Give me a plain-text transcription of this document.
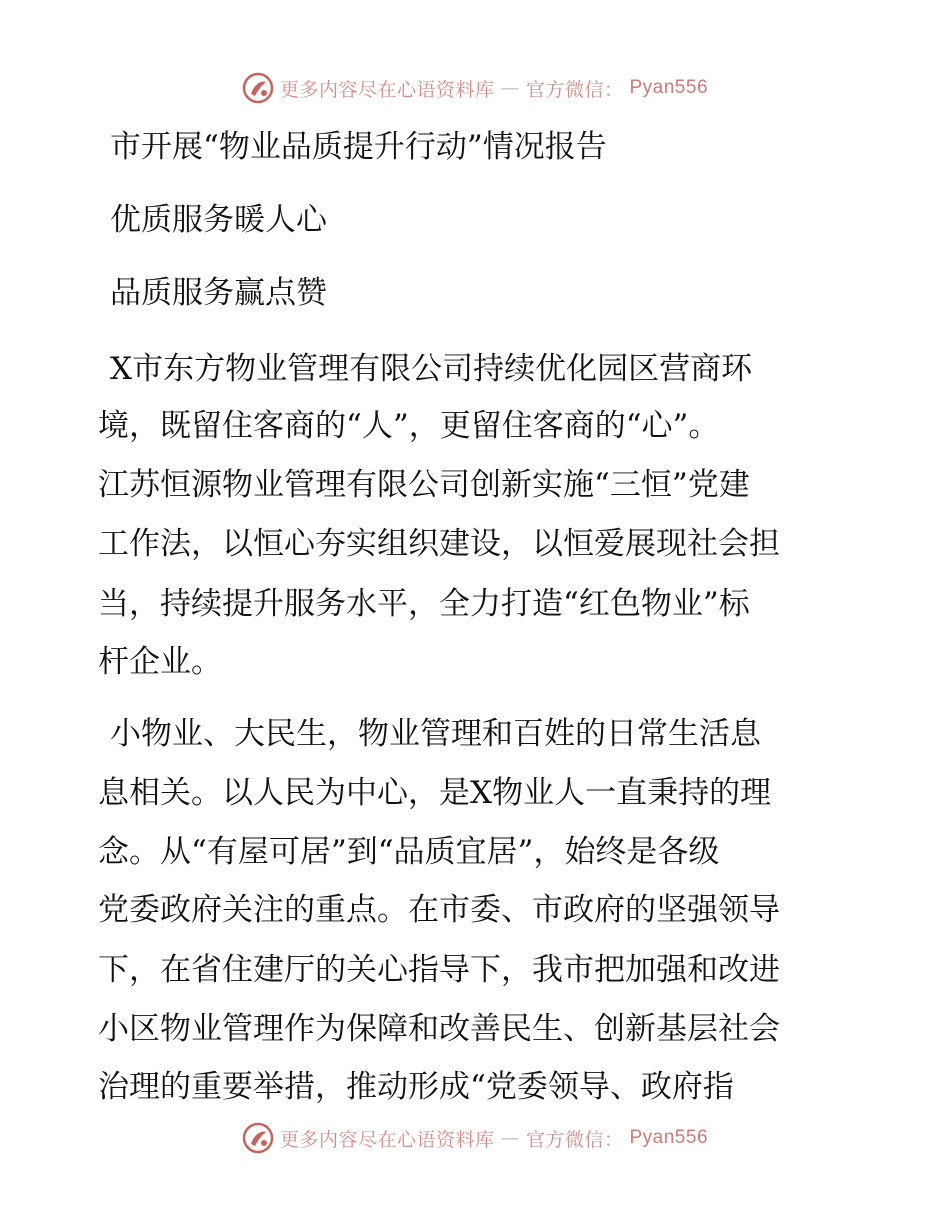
更多内容尽在心语资料库 — 官方微信： Pyan556
市开展“物业品质提升行动”情况报告
优质服务暖人心
品质服务赢点赞
X市东方物业管理有限公司持续优化园区营商环
境，既留住客商的“人”，更留住客商的“心”。
江苏恒源物业管理有限公司创新实施“三恒”党建
工作法，以恒心夯实组织建设，以恒爱展现社会担
当，持续提升服务水平，全力打造“红色物业”标
杆企业。
小物业、大民生，物业管理和百姓的日常生活息
息相关。以人民为中心，是X物业人一直秉持的理
念。从“有屋可居”到“品质宜居”，始终是各级
党委政府关注的重点。在市委、市政府的坚强领导
下，在省住建厅的关心指导下，我市把加强和改进
小区物业管理作为保障和改善民生、创新基层社会
治理的重要举措，推动形成“党委领导、政府指
更多内容尽在心语资料库 — 官方微信： Pyan556
